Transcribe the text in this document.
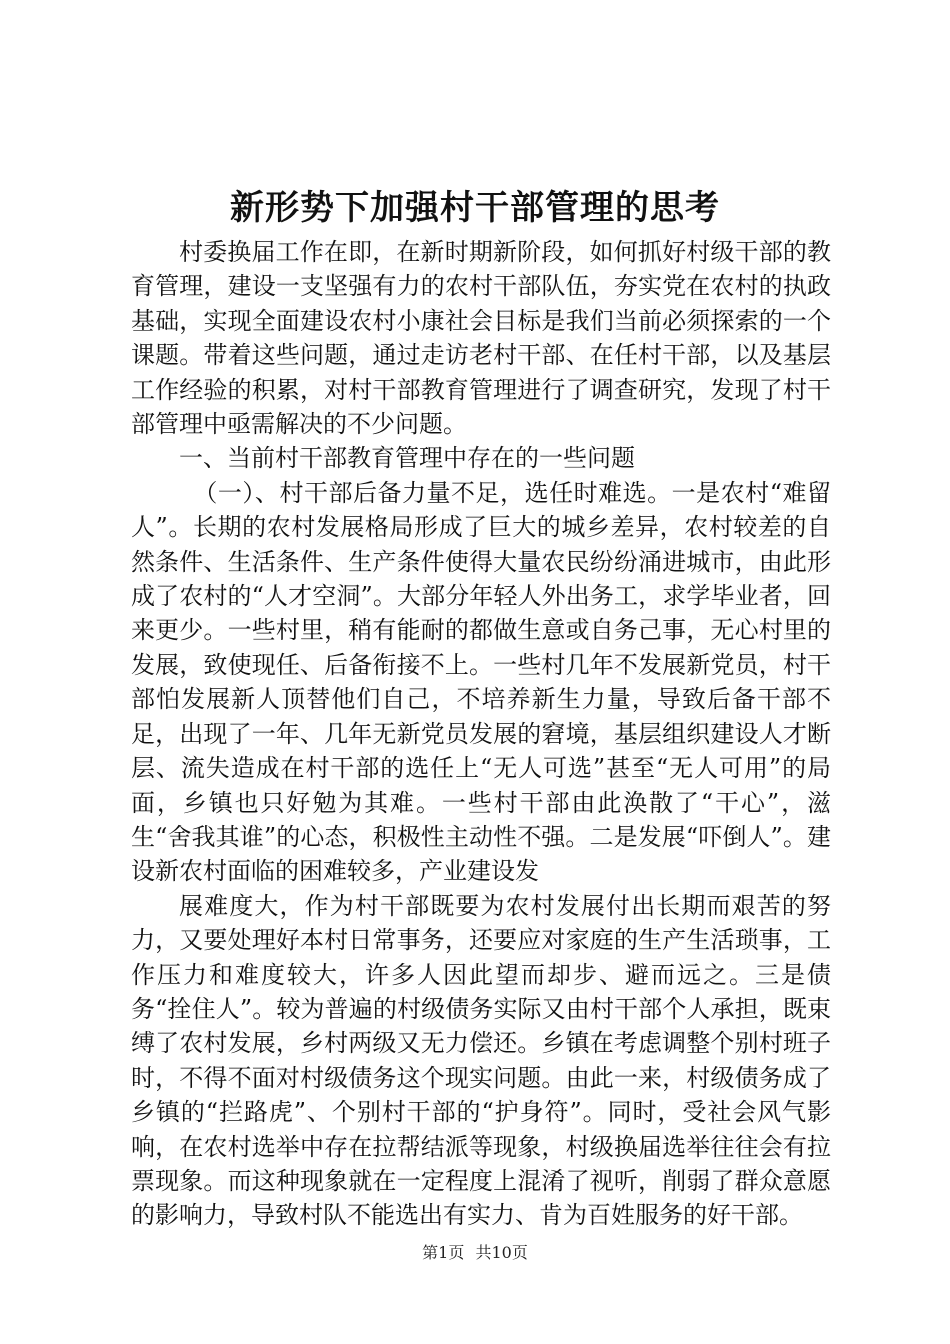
新形势下加强村干部管理的思考

村委换届工作在即，在新时期新阶段，如何抓好村级干部的教育管理，建设一支坚强有力的农村干部队伍，夯实党在农村的执政基础，实现全面建设农村小康社会目标是我们当前必须探索的一个课题。带着这些问题，通过走访老村干部、在任村干部，以及基层工作经验的积累，对村干部教育管理进行了调查研究，发现了村干部管理中亟需解决的不少问题。

一、当前村干部教育管理中存在的一些问题

（一）、村干部后备力量不足，选任时难选。一是农村“难留人”。长期的农村发展格局形成了巨大的城乡差异，农村较差的自然条件、生活条件、生产条件使得大量农民纷纷涌进城市，由此形成了农村的“人才空洞”。大部分年轻人外出务工，求学毕业者，回来更少。一些村里，稍有能耐的都做生意或自务己事，无心村里的发展，致使现任、后备衔接不上。一些村几年不发展新党员，村干部怕发展新人顶替他们自己，不培养新生力量，导致后备干部不足，出现了一年、几年无新党员发展的窘境，基层组织建设人才断层、流失造成在村干部的选任上“无人可选”甚至“无人可用”的局面，乡镇也只好勉为其难。一些村干部由此涣散了“干心”，滋生“舍我其谁”的心态，积极性主动性不强。二是发展“吓倒人”。建设新农村面临的困难较多，产业建设发

展难度大，作为村干部既要为农村发展付出长期而艰苦的努力，又要处理好本村日常事务，还要应对家庭的生产生活琐事，工作压力和难度较大，许多人因此望而却步、避而远之。三是债务“拴住人”。较为普遍的村级债务实际又由村干部个人承担，既束缚了农村发展，乡村两级又无力偿还。乡镇在考虑调整个别村班子时，不得不面对村级债务这个现实问题。由此一来，村级债务成了乡镇的“拦路虎”、个别村干部的“护身符”。同时，受社会风气影响，在农村选举中存在拉帮结派等现象，村级换届选举往往会有拉票现象。而这种现象就在一定程度上混淆了视听，削弱了群众意愿的影响力，导致村队不能选出有实力、肯为百姓服务的好干部。

第1页 共10页
